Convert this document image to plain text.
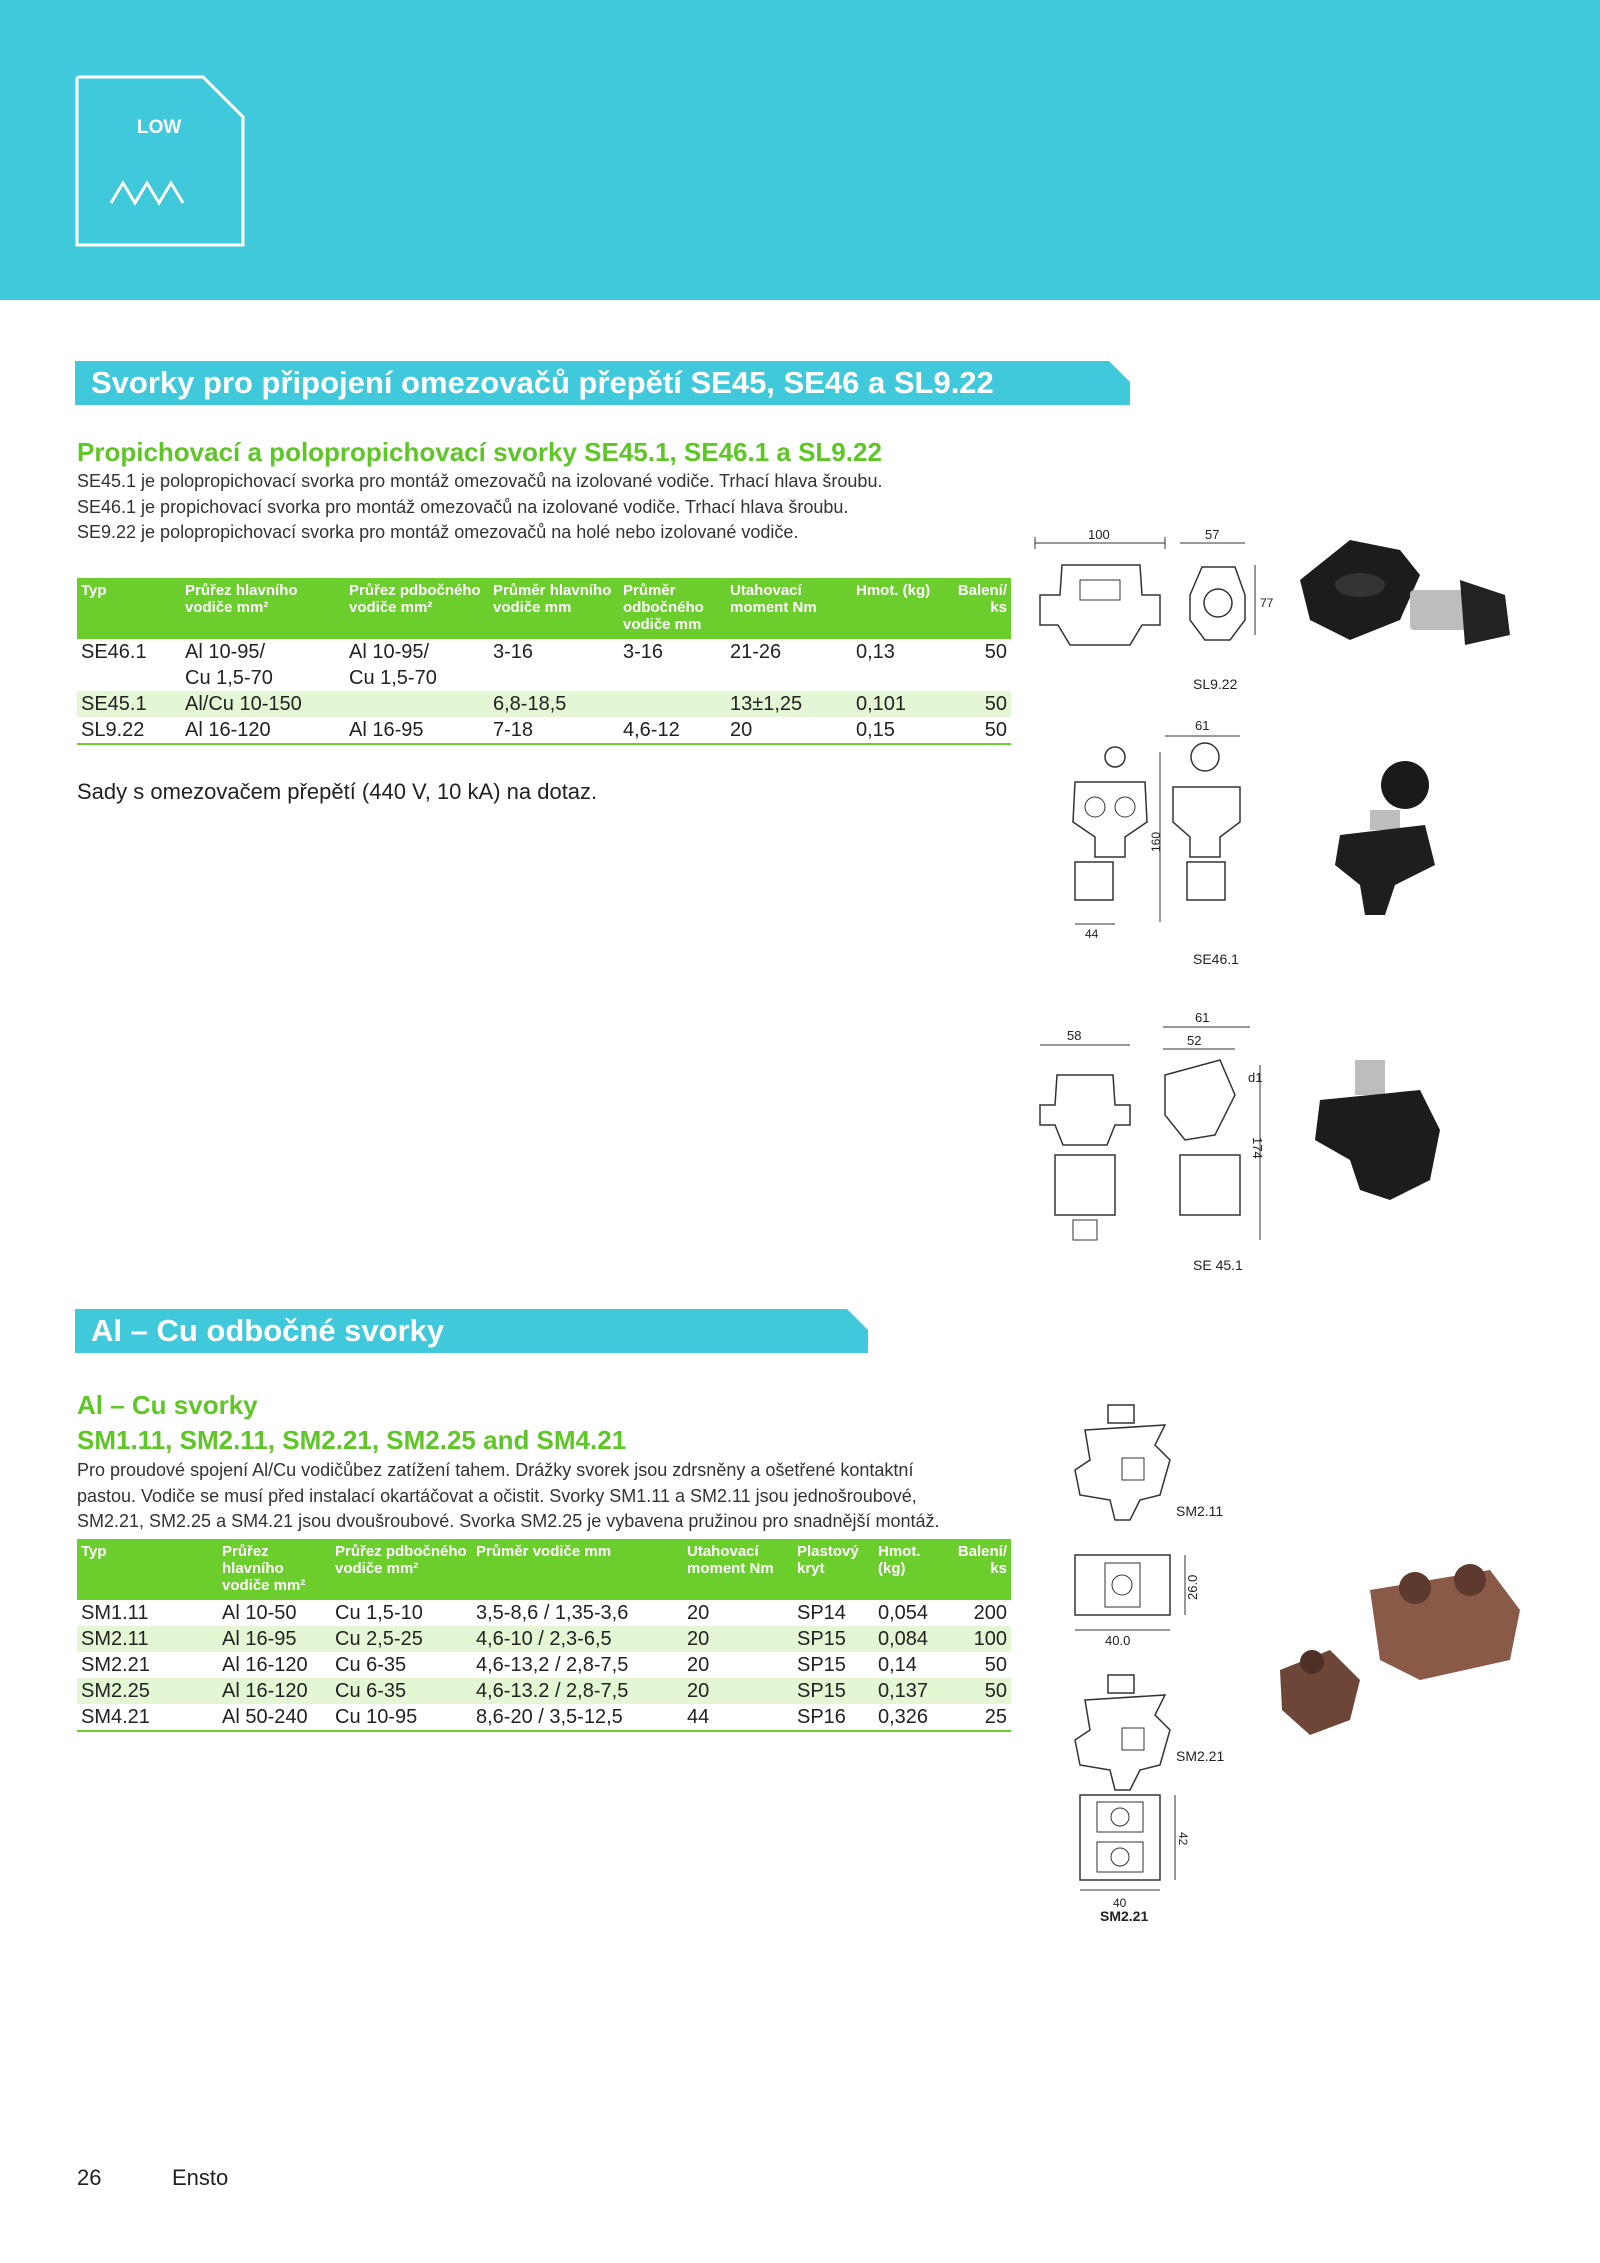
LOW
Svorky pro připojení omezovačů přepětí SE45, SE46 a SL9.22
Propichovací a polopropichovací svorky SE45.1, SE46.1 a SL9.22
SE45.1 je polopropichovací svorka pro montáž omezovačů na izolované vodiče. Trhací hlava šroubu.
SE46.1 je propichovací svorka pro montáž omezovačů na izolované vodiče. Trhací hlava šroubu.
SE9.22 je polopropichovací svorka pro montáž omezovačů na holé nebo izolované vodiče.
Typ	Průřez hlavního vodiče mm²	Průřez pdbočného vodiče mm²	Průměr hlavního vodiče mm	Průměr odbočného vodiče mm	Utahovací moment Nm	Hmot. (kg)	Balení/ ks
SE46.1	Al 10-95/	Al 10-95/	3-16	3-16	21-26	0,13	50
	Cu 1,5-70	Cu 1,5-70					
SE45.1	Al/Cu 10-150		6,8-18,5		13±1,25	0,101	50
SL9.22	Al 16-120	Al 16-95	7-18	4,6-12	20	0,15	50
Sady s omezovačem přepětí (440 V, 10 kA) na dotaz.
100	57
77
SL9.22
61
44
160
SE46.1
58
61
52
d1
174
SE 45.1
Al – Cu odbočné svorky
Al – Cu svorky
SM1.11, SM2.11, SM2.21, SM2.25 and SM4.21
Pro proudové spojení Al/Cu vodičůbez zatížení tahem. Drážky svorek jsou zdrsněny a ošetřené kontaktní
pastou. Vodiče se musí před instalací okartáčovat a očistit. Svorky SM1.11 a SM2.11 jsou jednošroubové,
SM2.21, SM2.25 a SM4.21 jsou dvoušroubové. Svorka SM2.25 je vybavena pružinou pro snadnější montáž.
Typ	Průřez hlavního vodiče mm²	Průřez pdbočného vodiče mm²	Průměr vodiče mm	Utahovací moment Nm	Plastový kryt	Hmot. (kg)	Balení/ ks
SM1.11	Al 10-50	Cu 1,5-10	3,5-8,6 / 1,35-3,6	20	SP14	0,054	200
SM2.11	Al 16-95	Cu 2,5-25	4,6-10 / 2,3-6,5	20	SP15	0,084	100
SM2.21	Al 16-120	Cu 6-35	4,6-13,2 / 2,8-7,5	20	SP15	0,14	50
SM2.25	Al 16-120	Cu 6-35	4,6-13.2 / 2,8-7,5	20	SP15	0,137	50
SM4.21	Al 50-240	Cu 10-95	8,6-20 / 3,5-12,5	44	SP16	0,326	25
SM2.11
40.0
26.0
SM2.21
40
42
SM2.21
26	Ensto
